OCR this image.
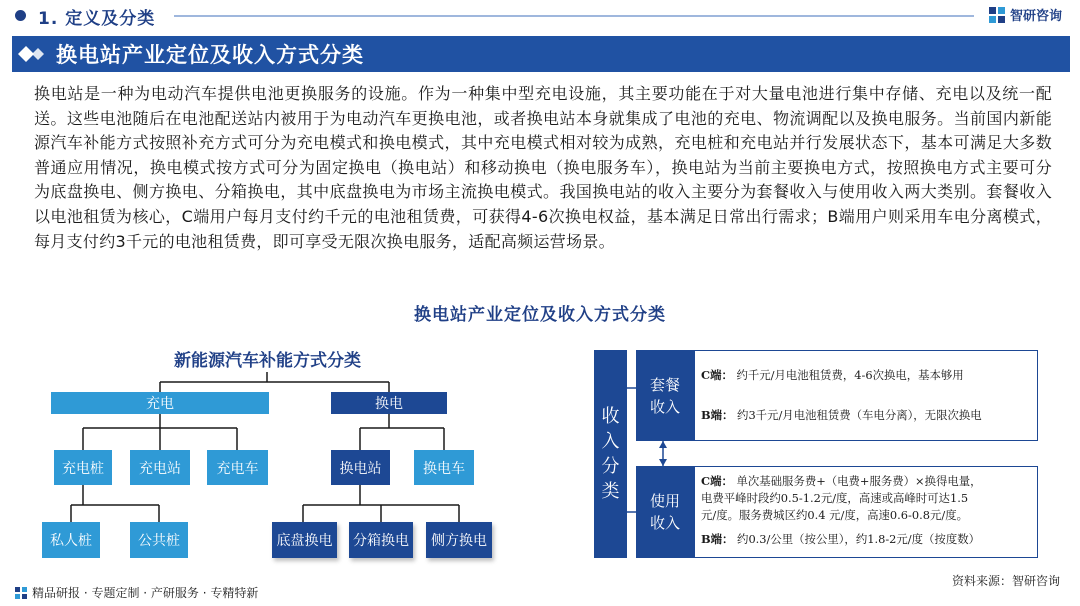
1. 定义及分类	智研咨询
换电站产业定位及收入方式分类
换电站是一种为电动汽车提供电池更换服务的设施。作为一种集中型充电设施，其主要功能在于对大量电池进行集中存储、充电以及统一配送。这些电池随后在电池配送站内被用于为电动汽车更换电池，或者换电站本身就集成了电池的充电、物流调配以及换电服务。当前国内新能源汽车补能方式按照补充方式可分为充电模式和换电模式，其中充电模式相对较为成熟，充电桩和充电站并行发展状态下，基本可满足大多数普通应用情况，换电模式按方式可分为固定换电（换电站）和移动换电（换电服务车），换电站为当前主要换电方式，按照换电方式主要可分为底盘换电、侧方换电、分箱换电，其中底盘换电为市场主流换电模式。我国换电站的收入主要分为套餐收入与使用收入两大类别。套餐收入以电池租赁为核心，C端用户每月支付约千元的电池租赁费，可获得4-6次换电权益，基本满足日常出行需求；B端用户则采用车电分离模式，每月支付约3千元的电池租赁费，即可享受无限次换电服务，适配高频运营场景。
换电站产业定位及收入方式分类
新能源汽车补能方式分类
充电	换电
充电桩	充电站	充电车	换电站	换电车
私人桩	公共桩	底盘换电	分箱换电	侧方换电
收
入
分
类
套餐
收入
使用
收入
C端： 约千元/月电池租赁费，4-6次换电，基本够用
B端： 约3千元/月电池租赁费（车电分离），无限次换电
C端： 单次基础服务费+（电费+服务费）×换得电量，
电费平峰时段约0.5-1.2元/度，高速或高峰时可达1.5
元/度。服务费城区约0.4 元/度，高速0.6-0.8元/度。
B端： 约0.3/公里（按公里），约1.8-2元/度（按度数）
精品研报 · 专题定制 · 产研服务 · 专精特新
资料来源：智研咨询
